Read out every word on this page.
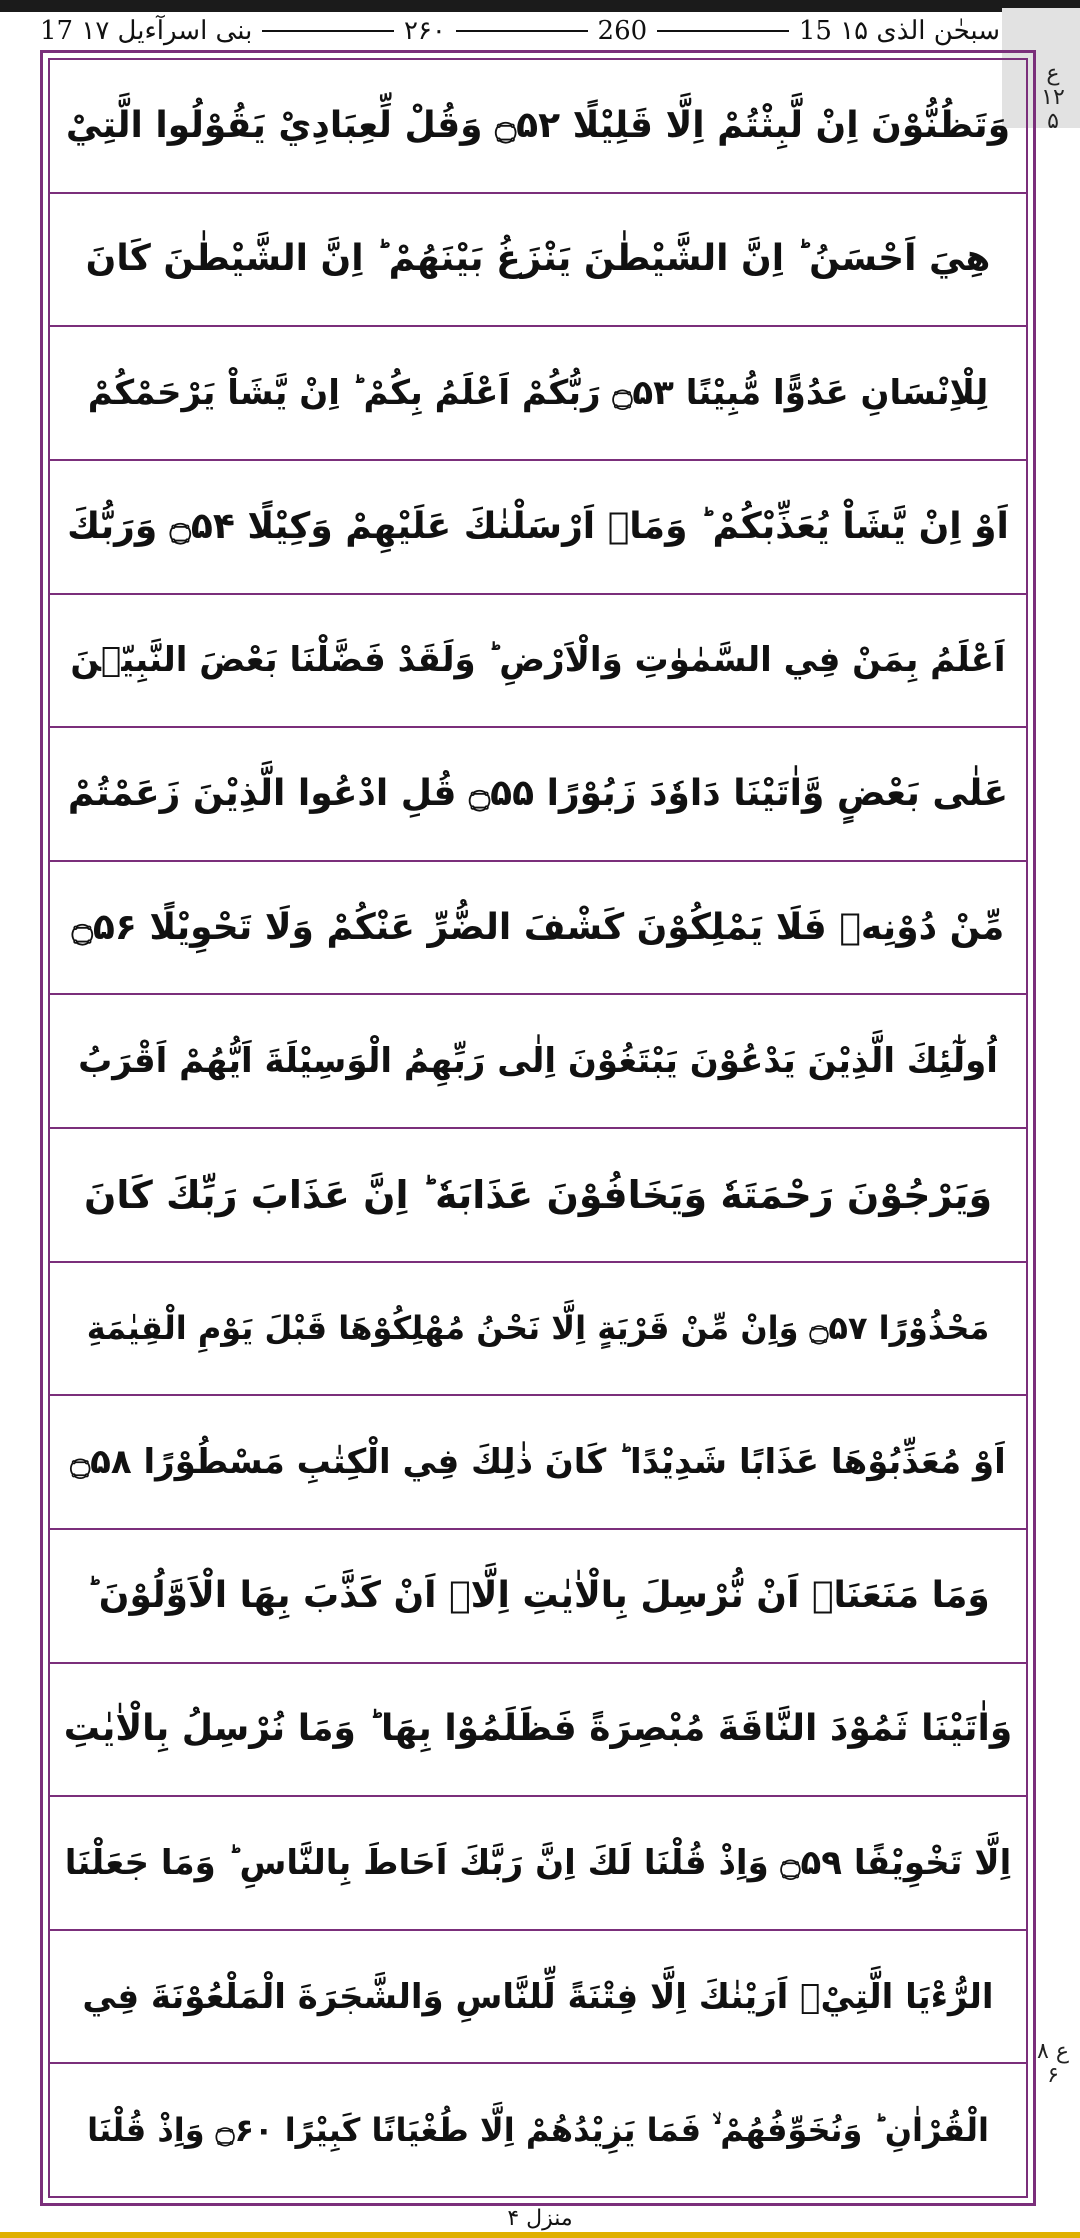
17 بنی اسرآءیل ۱۷	۲۶۰	260	15 سبحٰن الذی ۱۵
وَتَظُنُّوْنَ اِنْ لَّبِثْتُمْ اِلَّا قَلِيْلًا ۝۵۲ وَقُلْ لِّعِبَادِيْ يَقُوْلُوا الَّتِيْ
هِيَ اَحْسَنُ ؕ اِنَّ الشَّيْطٰنَ يَنْزَغُ بَيْنَهُمْ ؕ اِنَّ الشَّيْطٰنَ كَانَ
لِلْاِنْسَانِ عَدُوًّا مُّبِيْنًا ۝۵۳ رَبُّكُمْ اَعْلَمُ بِكُمْ ؕ اِنْ يَّشَاْ يَرْحَمْكُمْ
اَوْ اِنْ يَّشَاْ يُعَذِّبْكُمْ ؕ وَمَاۤ اَرْسَلْنٰكَ عَلَيْهِمْ وَكِيْلًا ۝۵۴ وَرَبُّكَ
اَعْلَمُ بِمَنْ فِي السَّمٰوٰتِ وَالْاَرْضِ ؕ وَلَقَدْ فَضَّلْنَا بَعْضَ النَّبِيّٖنَ
عَلٰى بَعْضٍ وَّاٰتَيْنَا دَاوٗدَ زَبُوْرًا ۝۵۵ قُلِ ادْعُوا الَّذِيْنَ زَعَمْتُمْ
مِّنْ دُوْنِهٖ فَلَا يَمْلِكُوْنَ كَشْفَ الضُّرِّ عَنْكُمْ وَلَا تَحْوِيْلًا ۝۵۶
اُولٰٓئِكَ الَّذِيْنَ يَدْعُوْنَ يَبْتَغُوْنَ اِلٰى رَبِّهِمُ الْوَسِيْلَةَ اَيُّهُمْ اَقْرَبُ
وَيَرْجُوْنَ رَحْمَتَهٗ وَيَخَافُوْنَ عَذَابَهٗ ؕ اِنَّ عَذَابَ رَبِّكَ كَانَ
مَحْذُوْرًا ۝۵۷ وَاِنْ مِّنْ قَرْيَةٍ اِلَّا نَحْنُ مُهْلِكُوْهَا قَبْلَ يَوْمِ الْقِيٰمَةِ
اَوْ مُعَذِّبُوْهَا عَذَابًا شَدِيْدًا ؕ كَانَ ذٰلِكَ فِي الْكِتٰبِ مَسْطُوْرًا ۝۵۸
وَمَا مَنَعَنَاۤ اَنْ نُّرْسِلَ بِالْاٰيٰتِ اِلَّاۤ اَنْ كَذَّبَ بِهَا الْاَوَّلُوْنَ ؕ
وَاٰتَيْنَا ثَمُوْدَ النَّاقَةَ مُبْصِرَةً فَظَلَمُوْا بِهَا ؕ وَمَا نُرْسِلُ بِالْاٰيٰتِ
اِلَّا تَخْوِيْفًا ۝۵۹ وَاِذْ قُلْنَا لَكَ اِنَّ رَبَّكَ اَحَاطَ بِالنَّاسِ ؕ وَمَا جَعَلْنَا
الرُّءْيَا الَّتِيْۤ اَرَيْنٰكَ اِلَّا فِتْنَةً لِّلنَّاسِ وَالشَّجَرَةَ الْمَلْعُوْنَةَ فِي
الْقُرْاٰنِ ؕ وَنُخَوِّفُهُمْ ۙ فَمَا يَزِيْدُهُمْ اِلَّا طُغْيَانًا كَبِيْرًا ۝۶۰ وَاِذْ قُلْنَا
ع ۱۲ ۵
ع ۸ ۶
منزل ۴
